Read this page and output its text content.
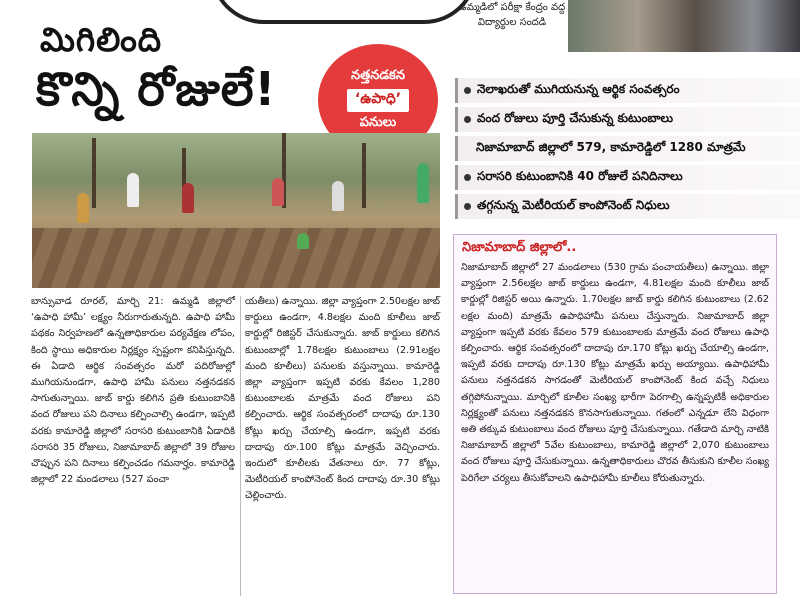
ఉమ్మడిలో పరీక్షా కేంద్రం వద్ద విద్యార్థుల సందడి
మిగిలింది
కొన్ని రోజులే!	నత్తనడకన
‘ఉపాధి’
పనులు
నెలాఖరుతో ముగియనున్న ఆర్థిక సంవత్సరం
వంద రోజులు పూర్తి చేసుకున్న కుటుంబాలు
నిజామాబాద్ జిల్లాలో 579, కామారెడ్డిలో 1280 మాత్రమే
సరాసరి కుటుంబానికి 40 రోజులే పనిదినాలు
తగ్గనున్న మెటీరియల్ కాంపోనెంట్ నిధులు
బాన్సువాడ రూరల్, మార్చి 21: ఉమ్మడి జిల్లాలో ‘ఉపాధి హామీ’ లక్ష్యం నీరుగారుతున్నది. ఉపాధి హామీ పథకం నిర్వహణలో ఉన్నతాధికారుల పర్యవేక్షణ లోపం, కింది స్థాయి అధికారుల నిర్లక్ష్యం స్పష్టంగా కనిపిస్తున్నది. ఈ ఏడాది ఆర్థిక సంవత్సరం మరో పదిరోజుల్లో ముగియనుండగా, ఉపాధి హామీ పనులు నత్తనడకన సాగుతున్నాయి. జాబ్ కార్డు కలిగిన ప్రతి కుటుంబానికి వంద రోజులు పని దినాలు కల్పించాల్సి ఉండగా, ఇప్పటి వరకు కామారెడ్డి జిల్లాలో సరాసరి కుటుంబానికి ఏడాదికి సరాసరి 35 రోజులు, నిజామాబాద్ జిల్లాలో 39 రోజుల చొప్పున పని దినాలు కల్పించడం గమనార్హం. కామారెడ్డి జిల్లాలో 22 మండలాలు (527 పంచా
యతీలు) ఉన్నాయి. జిల్లా వ్యాప్తంగా 2.50లక్షల జాబ్ కార్డులు ఉండగా, 4.8లక్షల మంది కూలీలు జాబ్ కార్డుల్లో రిజిస్టర్ చేసుకున్నారు. జాబ్ కార్డులు కలిగిన కుటుంబాల్లో 1.78లక్షల కుటుంబాలు (2.91లక్షల మంది కూలీలు) పనులకు వస్తున్నాయి. కామారెడ్డి జిల్లా వ్యాప్తంగా ఇప్పటి వరకు కేవలం 1,280 కుటుంబాలకు మాత్రమే వంద రోజులు పని కల్పించారు. ఆర్థిక సంవత్సరంలో దాదాపు రూ.130 కోట్లు ఖర్చు చేయాల్సి ఉండగా, ఇప్పటి వరకు దాదాపు రూ.100 కోట్లు మాత్రమే వెచ్చించారు. ఇందులో కూలీలకు వేతనాలు రూ. 77 కోట్లు, మెటీరియల్ కాంపోనెంట్ కింద దాదాపు రూ.30 కోట్లు చెల్లించారు.
నిజామాబాద్ జిల్లాలో..
నిజామాబాద్ జిల్లాలో 27 మండలాలు (530 గ్రామ పంచాయతీలు) ఉన్నాయి. జిల్లా వ్యాప్తంగా 2.56లక్షల జాబ్ కార్డులు ఉండగా, 4.81లక్షల మంది కూలీలు జాబ్ కార్డుల్లో రిజిస్టర్ అయి ఉన్నారు. 1.70లక్షల జాబ్ కార్డు కలిగిన కుటుంబాలు (2.62 లక్షల మంది) మాత్రమే ఉపాధిహామీ పనులు చేస్తున్నారు. నిజామాబాద్ జిల్లా వ్యాప్తంగా ఇప్పటి వరకు కేవలం 579 కుటుంబాలకు మాత్రమే వంద రోజులు ఉపాధి కల్పించారు. ఆర్థిక సంవత్సరంలో దాదాపు రూ.170 కోట్లు ఖర్చు చేయాల్సి ఉండగా, ఇప్పటి వరకు దాదాపు రూ.130 కోట్లు మాత్రమే ఖర్చు అయ్యాయి. ఉపాధిహామీ పనులు నత్తనడకన సాగడంతో మెటీరియల్ కాంపోనెంట్ కింద వచ్చే నిధులు తగ్గిపోనున్నాయి. మార్చిలో కూలీల సంఖ్య భారీగా పెరగాల్సి ఉన్నప్పటికీ అధికారుల నిర్లక్ష్యంతో పనులు నత్తనడకన కొనసాగుతున్నాయి. గతంలో ఎన్నడూ లేని విధంగా అతి తక్కువ కుటుంబాలు వంద రోజులు పూర్తి చేసుకున్నాయి. గతేడాది మార్చి నాటికి నిజామాబాద్ జిల్లాలో 5వేల కుటుంబాలు, కామారెడ్డి జిల్లాలో 2,070 కుటుంబాలు వంద రోజులు పూర్తి చేసుకున్నాయి. ఉన్నతాధికారులు చొరవ తీసుకుని కూలీల సంఖ్య పెరిగేలా చర్యలు తీసుకోవాలని ఉపాధిహామీ కూలీలు కోరుతున్నారు.
